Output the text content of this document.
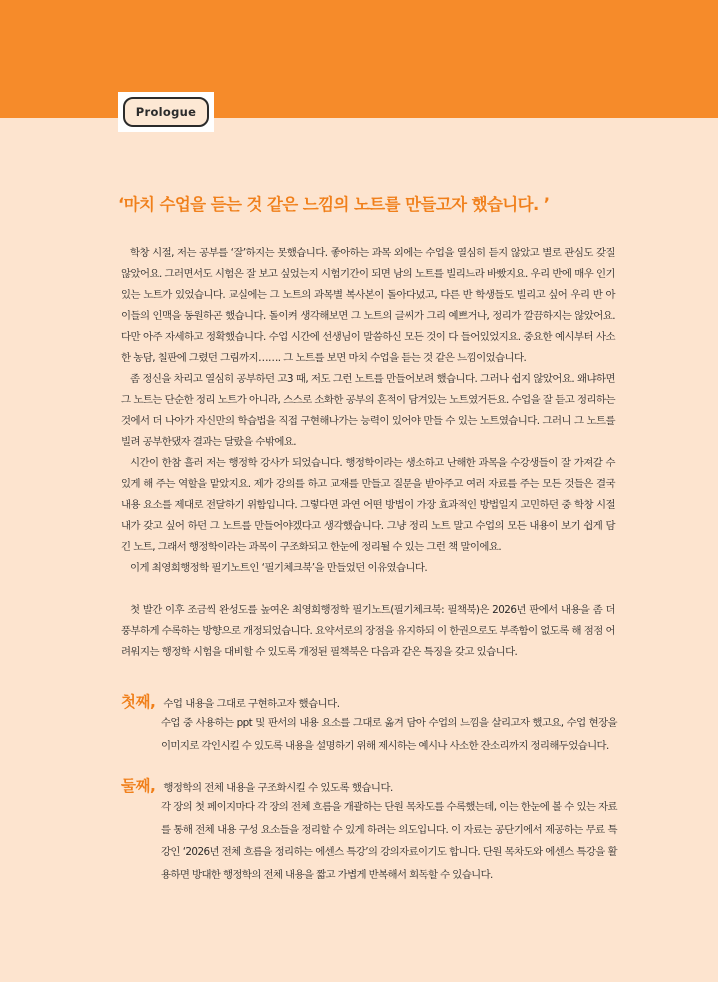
Prologue
‘마치 수업을 듣는 것 같은 느낌의 노트를 만들고자 했습니다. ’

학창 시절, 저는 공부를 ‘잘’하지는 못했습니다. 좋아하는 과목 외에는 수업을 열심히 듣지 않았고 별로 관심도 갖질 않았어요. 그러면서도 시험은 잘 보고 싶었는지 시험기간이 되면 남의 노트를 빌리느라 바빴지요. 우리 반에 매우 인기 있는 노트가 있었습니다. 교실에는 그 노트의 과목별 복사본이 돌아다녔고, 다른 반 학생들도 빌리고 싶어 우리 반 아이들의 인맥을 동원하곤 했습니다. 돌이켜 생각해보면 그 노트의 글씨가 그리 예쁘거나, 정리가 깔끔하지는 않았어요. 다만 아주 자세하고 정확했습니다. 수업 시간에 선생님이 말씀하신 모든 것이 다 들어있었지요. 중요한 예시부터 사소한 농담, 칠판에 그렸던 그림까지……. 그 노트를 보면 마치 수업을 듣는 것 같은 느낌이었습니다.

좀 정신을 차리고 열심히 공부하던 고3 때, 저도 그런 노트를 만들어보려 했습니다. 그러나 쉽지 않았어요. 왜냐하면 그 노트는 단순한 정리 노트가 아니라, 스스로 소화한 공부의 흔적이 담겨있는 노트였거든요. 수업을 잘 듣고 정리하는 것에서 더 나아가 자신만의 학습법을 직접 구현해나가는 능력이 있어야 만들 수 있는 노트였습니다. 그러니 그 노트를 빌려 공부한댔자 결과는 달랐을 수밖에요.

시간이 한참 흘러 저는 행정학 강사가 되었습니다. 행정학이라는 생소하고 난해한 과목을 수강생들이 잘 가져갈 수 있게 해 주는 역할을 맡았지요. 제가 강의를 하고 교재를 만들고 질문을 받아주고 여러 자료를 주는 모든 것들은 결국 내용 요소를 제대로 전달하기 위함입니다. 그렇다면 과연 어떤 방법이 가장 효과적인 방법일지 고민하던 중 학창 시절 내가 갖고 싶어 하던 그 노트를 만들어야겠다고 생각했습니다. 그냥 정리 노트 말고 수업의 모든 내용이 보기 쉽게 담긴 노트, 그래서 행정학이라는 과목이 구조화되고 한눈에 정리될 수 있는 그런 책 말이에요.

이게 최영희행정학 필기노트인 ‘필기체크북’을 만들었던 이유였습니다.

첫 발간 이후 조금씩 완성도를 높여온 최영희행정학 필기노트(필기체크북: 필책북)은 2026년 판에서 내용을 좀 더 풍부하게 수록하는 방향으로 개정되었습니다. 요약서로의 장점을 유지하되 이 한권으로도 부족함이 없도록 해 점점 어려워지는 행정학 시험을 대비할 수 있도록 개정된 필책북은 다음과 같은 특징을 갖고 있습니다.

첫째, 수업 내용을 그대로 구현하고자 했습니다.
수업 중 사용하는 ppt 및 판서의 내용 요소를 그대로 옮겨 담아 수업의 느낌을 살리고자 했고요, 수업 현장을 이미지로 각인시킬 수 있도록 내용을 설명하기 위해 제시하는 예시나 사소한 잔소리까지 정리해두었습니다.
둘째, 행정학의 전체 내용을 구조화시킬 수 있도록 했습니다.
각 장의 첫 페이지마다 각 장의 전체 흐름을 개괄하는 단원 목차도를 수록했는데, 이는 한눈에 볼 수 있는 자료를 통해 전체 내용 구성 요소들을 정리할 수 있게 하려는 의도입니다. 이 자료는 공단기에서 제공하는 무료 특강인 ‘2026년 전체 흐름을 정리하는 에센스 특강’의 강의자료이기도 합니다. 단원 목차도와 에센스 특강을 활용하면 방대한 행정학의 전체 내용을 짧고 가볍게 반복해서 회독할 수 있습니다.
